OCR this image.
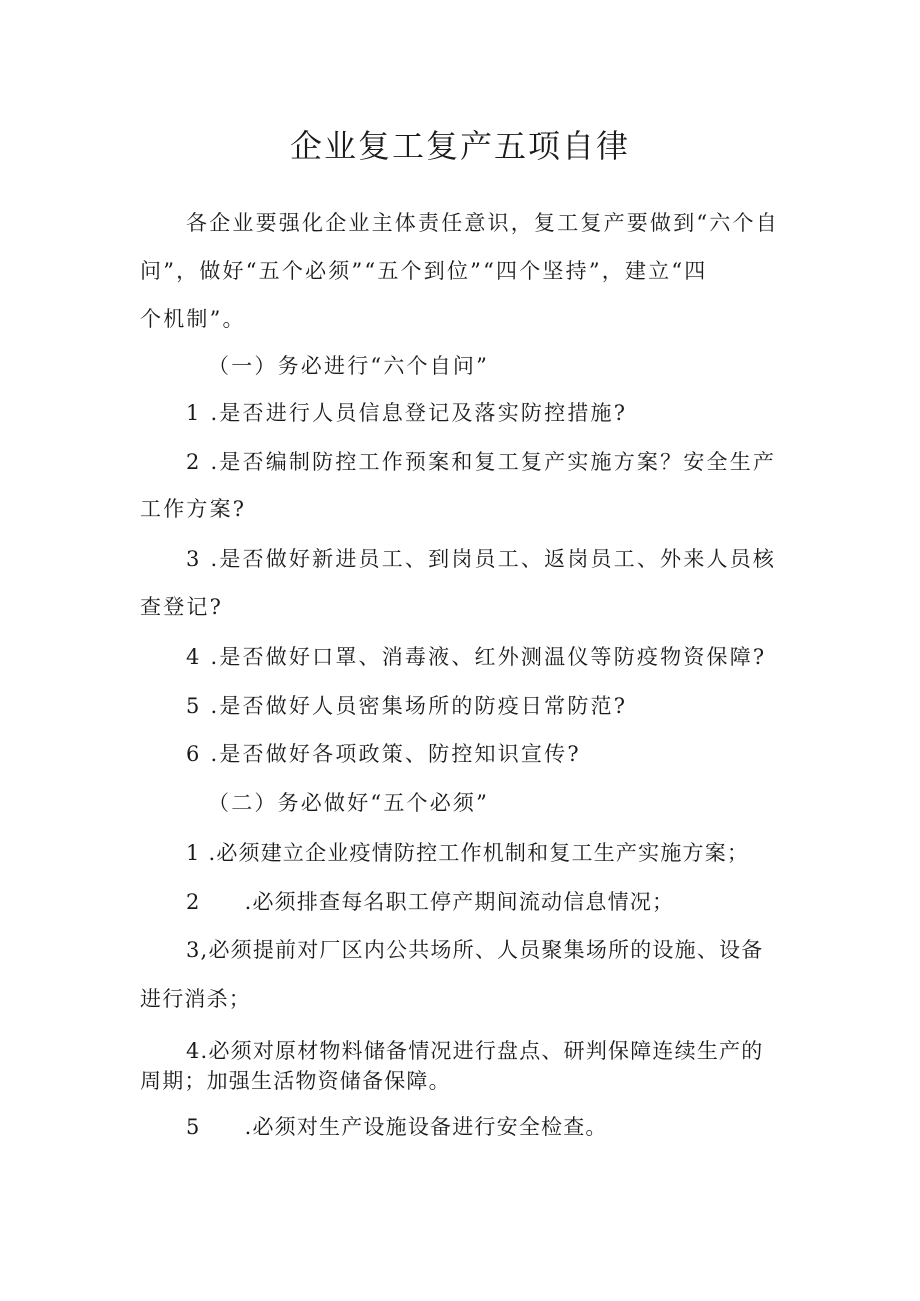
企业复工复产五项自律
各企业要强化企业主体责任意识，复工复产要做到“六个自
问”，做好“五个必须”“五个到位”“四个坚持”，建立“四
个机制”。
（一）务必进行“六个自问”
1 .是否进行人员信息登记及落实防控措施?
2 .是否编制防控工作预案和复工复产实施方案？安全生产
工作方案?
3 .是否做好新进员工、到岗员工、返岗员工、外来人员核
查登记?
4 .是否做好口罩、消毒液、红外测温仪等防疫物资保障?
5 .是否做好人员密集场所的防疫日常防范?
6 .是否做好各项政策、防控知识宣传?
（二）务必做好“五个必须”
1 .必须建立企业疫情防控工作机制和复工生产实施方案；
2 .必须排查每名职工停产期间流动信息情况；
3,必须提前对厂区内公共场所、人员聚集场所的设施、设备
进行消杀；
4.必须对原材物料储备情况进行盘点、研判保障连续生产的
周期；加强生活物资储备保障。
5 .必须对生产设施设备进行安全检查。
